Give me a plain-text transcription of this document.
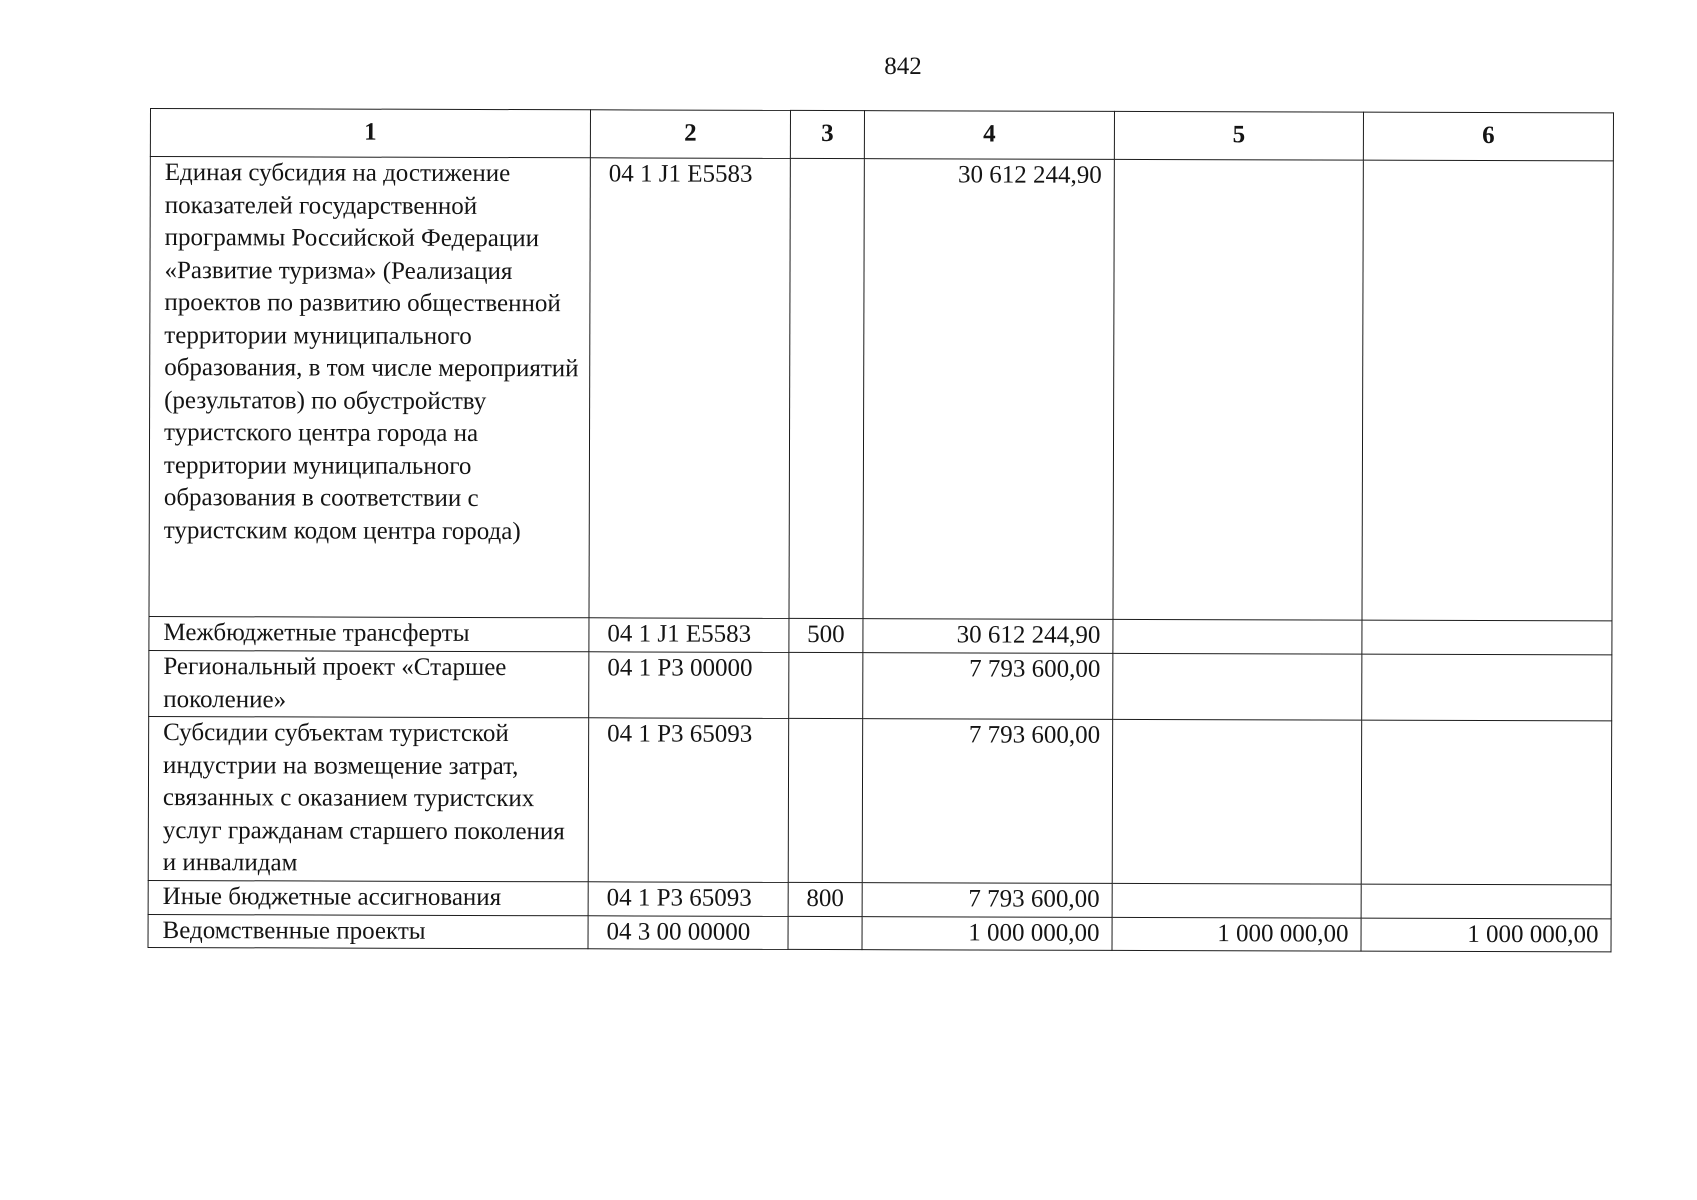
842
1	2	3	4	5	6
Единая субсидия на достижение показателей государственной программы Российской Федерации «Развитие туризма» (Реализация проектов по развитию общественной территории муниципального образования, в том числе мероприятий (результатов) по обустройству туристского центра города на территории муниципального образования в соответствии с туристским кодом центра города)	04 1 J1 E5583		30 612 244,90		
Межбюджетные трансферты	04 1 J1 E5583	500	30 612 244,90		
Региональный проект «Старшее поколение»	04 1 P3 00000		7 793 600,00		
Субсидии субъектам туристской индустрии на возмещение затрат, связанных с оказанием туристских услуг гражданам старшего поколения и инвалидам	04 1 P3 65093		7 793 600,00		
Иные бюджетные ассигнования	04 1 P3 65093	800	7 793 600,00		
Ведомственные проекты	04 3 00 00000		1 000 000,00	1 000 000,00	1 000 000,00
